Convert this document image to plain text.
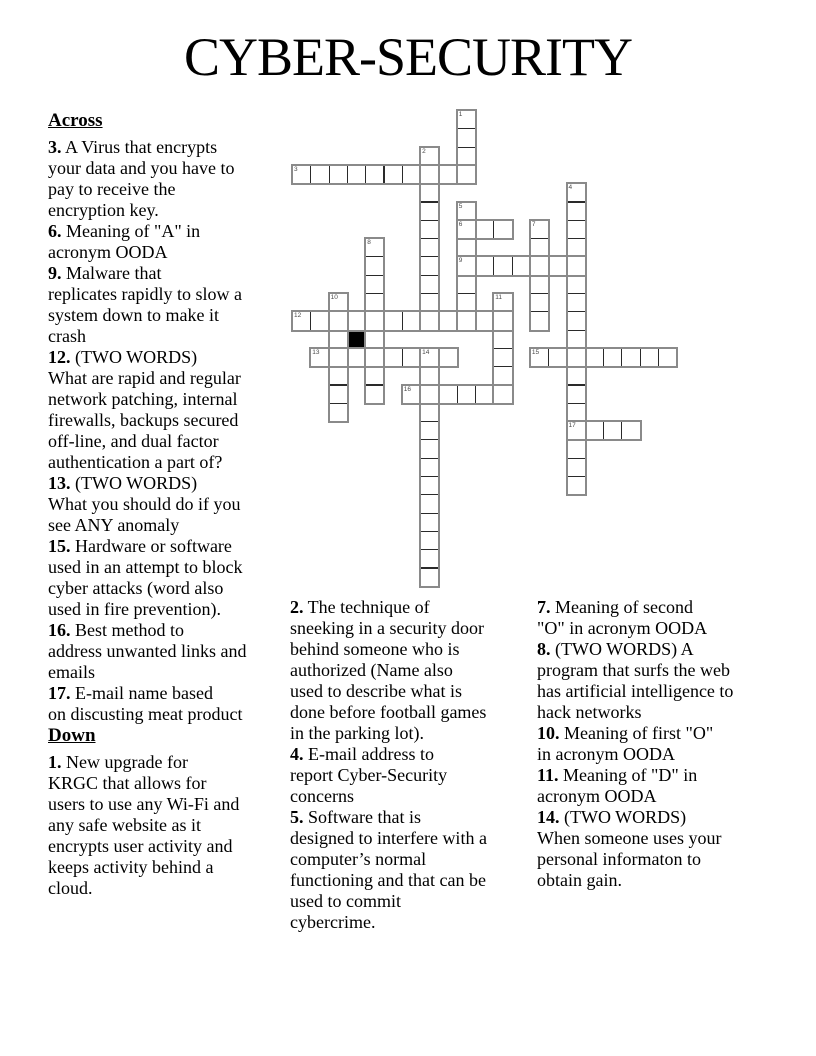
CYBER-SECURITY
3
6
9
12
13	15
16
17
1
2
4
5
7
8
10	11
14
Across
3. A Virus that encrypts
your data and you have to
pay to receive the
encryption key.
6. Meaning of "A" in
acronym OODA
9. Malware that
replicates rapidly to slow a
system down to make it
crash
12. (TWO WORDS)
What are rapid and regular
network patching, internal
firewalls, backups secured
off-line, and dual factor
authentication a part of?
13. (TWO WORDS)
What you should do if you
see ANY anomaly
15. Hardware or software
used in an attempt to block
cyber attacks (word also
used in fire prevention).
16. Best method to
address unwanted links and
emails
17. E-mail name based
on discusting meat product
Down
1. New upgrade for
KRGC that allows for
users to use any Wi-Fi and
any safe website as it
encrypts user activity and
keeps activity behind a
cloud.
2. The technique of
sneeking in a security door
behind someone who is
authorized (Name also
used to describe what is
done before football games
in the parking lot).
4. E-mail address to
report Cyber-Security
concerns
5. Software that is
designed to interfere with a
computer’s normal
functioning and that can be
used to commit
cybercrime.
7. Meaning of second
"O" in acronym OODA
8. (TWO WORDS) A
program that surfs the web
has artificial intelligence to
hack networks
10. Meaning of first "O"
in acronym OODA
11. Meaning of "D" in
acronym OODA
14. (TWO WORDS)
When someone uses your
personal informaton to
obtain gain.
